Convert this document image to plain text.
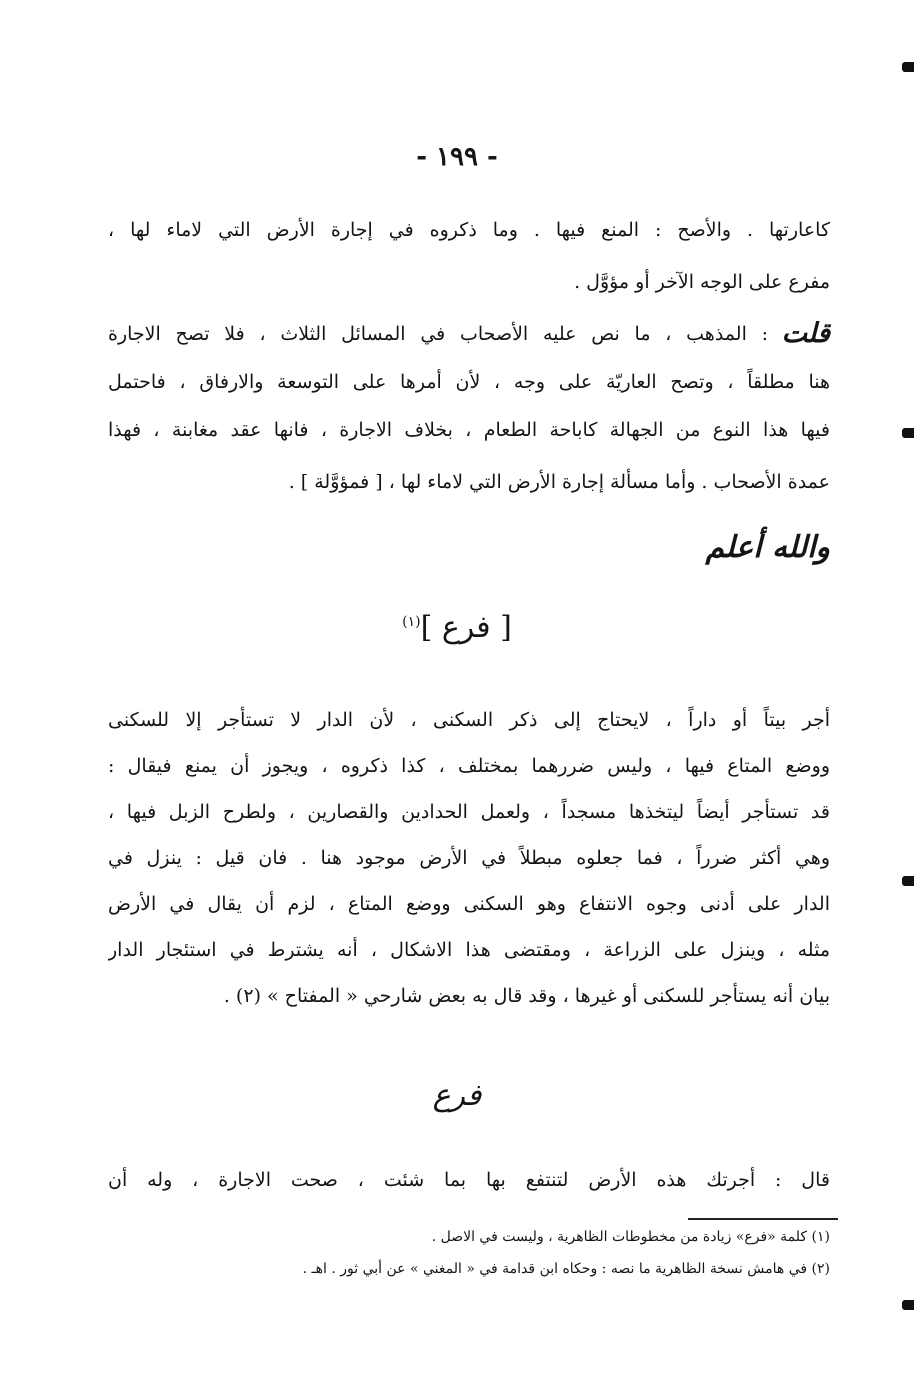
- ١٩٩ -
كاعارتها . والأصح : المنع فيها . وما ذكروه في إجارة الأرض التي لاماء لها ،
مفرع على الوجه الآخر أو مؤوَّل .
: المذهب ، ما نص عليه الأصحاب في المسائل الثلاث ، فلا تصح الاجارة قلت
هنا مطلقاً ، وتصح العاريّة على وجه ، لأن أمرها على التوسعة والارفاق ، فاحتمل
فيها هذا النوع من الجهالة كاباحة الطعام ، بخلاف الاجارة ، فانها عقد مغابنة ، فهذا
عمدة الأصحاب . وأما مسألة إجارة الأرض التي لاماء لها ، [ فمؤوَّلة ] .
والله أعلم
[ فرع ]$^{(١)}$
أجر بيتاً أو داراً ، لايحتاج إلى ذكر السكنى ، لأن الدار لا تستأجر إلا للسكنى
ووضع المتاع فيها ، وليس ضررهما بمختلف ، كذا ذكروه ، ويجوز أن يمنع فيقال :
قد تستأجر أيضاً ليتخذها مسجداً ، ولعمل الحدادين والقصارين ، ولطرح الزبل فيها ،
وهي أكثر ضرراً ، فما جعلوه مبطلاً في الأرض موجود هنا . فان قيل : ينزل في
الدار على أدنى وجوه الانتفاع وهو السكنى ووضع المتاع ، لزم أن يقال في الأرض
مثله ، وينزل على الزراعة ، ومقتضى هذا الاشكال ، أنه يشترط في استئجار الدار
بيان أنه يستأجر للسكنى أو غيرها ، وقد قال به بعض شارحي « المفتاح » (٢) .
فرع
قال : أجرتك هذه الأرض لتنتفع بها بما شئت ، صحت الاجارة ، وله أن
(١) كلمة «فرع» زيادة من مخطوطات الظاهرية ، وليست في الاصل .
(٢) في هامش نسخة الظاهرية ما نصه : وحكاه ابن قدامة في « المغني » عن أبي ثور . اهـ .
